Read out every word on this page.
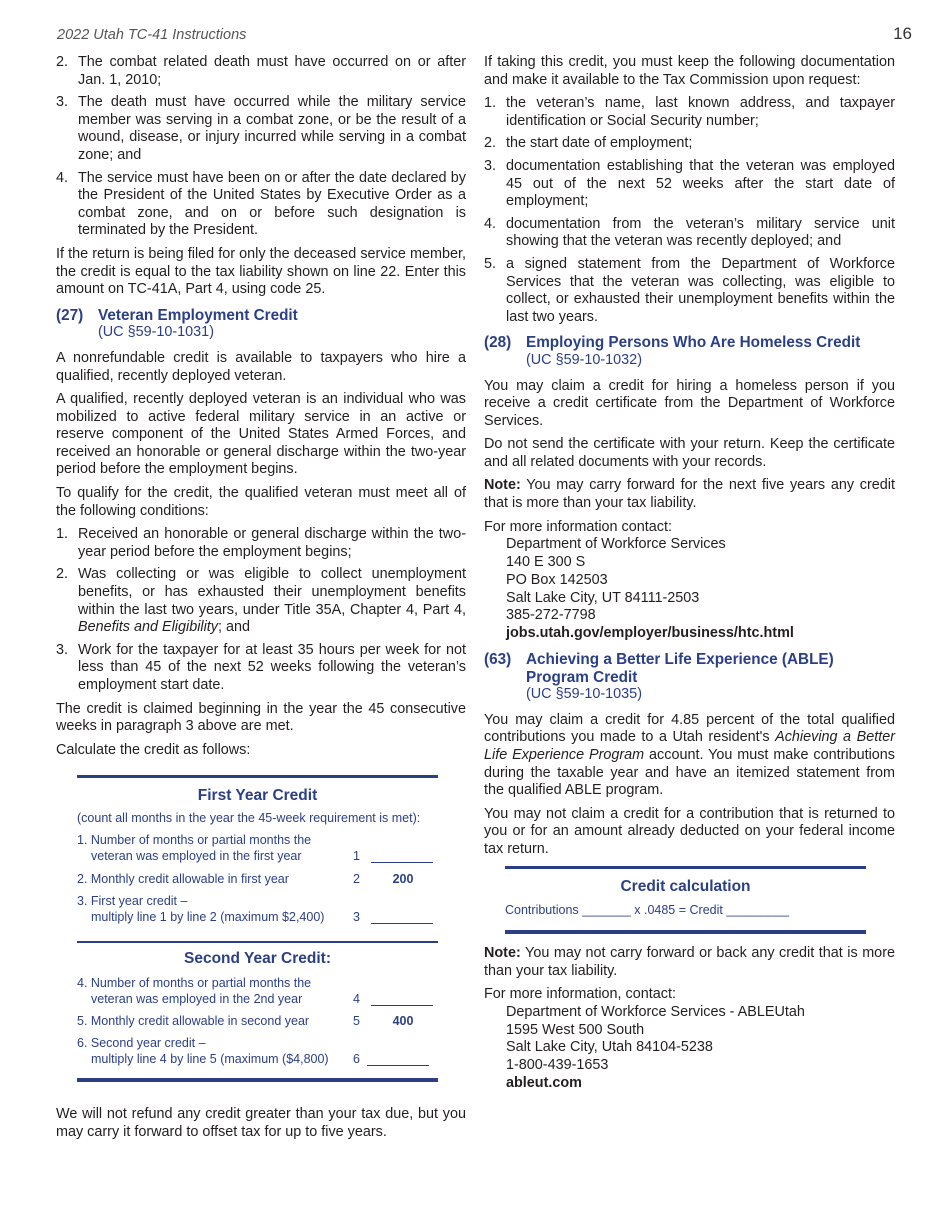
2022 Utah TC-41 Instructions	16
2. The combat related death must have occurred on or after Jan. 1, 2010;
3. The death must have occurred while the military service member was serving in a combat zone, or be the result of a wound, disease, or injury incurred while serving in a combat zone; and
4. The service must have been on or after the date declared by the President of the United States by Executive Order as a combat zone, and on or before such designation is terminated by the President.

If the return is being filed for only the deceased service member, the credit is equal to the tax liability shown on line 22. Enter this amount on TC-41A, Part 4, using code 25.

(27) Veteran Employment Credit
(UC §59-10-1031)

A nonrefundable credit is available to taxpayers who hire a qualified, recently deployed veteran.

A qualified, recently deployed veteran is an individual who was mobilized to active federal military service in an active or reserve component of the United States Armed Forces, and received an honorable or general discharge within the two-year period before the employment begins.

To qualify for the credit, the qualified veteran must meet all of the following conditions:

1. Received an honorable or general discharge within the two-year period before the employment begins;
2. Was collecting or was eligible to collect unemployment benefits, or has exhausted their unemployment benefits within the last two years, under Title 35A, Chapter 4, Part 4, Benefits and Eligibility; and
3. Work for the taxpayer for at least 35 hours per week for not less than 45 of the next 52 weeks following the veteran’s employment start date.

The credit is claimed beginning in the year the 45 consecutive weeks in paragraph 3 above are met.

Calculate the credit as follows:

First Year Credit
(count all months in the year the 45-week requirement is met):
1. Number of months or partial months the
veteran was employed in the first year	1
2. Monthly credit allowable in first year	2	200
3. First year credit –
multiply line 1 by line 2 (maximum $2,400) 3
Second Year Credit:
4. Number of months or partial months the
veteran was employed in the 2nd year	4
5. Monthly credit allowable in second year	5	400
6. Second year credit –
multiply line 4 by line 5 (maximum ($4,800) 6

We will not refund any credit greater than your tax due, but you may carry it forward to offset tax for up to five years.

If taking this credit, you must keep the following documentation and make it available to the Tax Commission upon request:

1. the veteran’s name, last known address, and taxpayer identification or Social Security number;
2. the start date of employment;
3. documentation establishing that the veteran was employed 45 out of the next 52 weeks after the start date of employment;
4. documentation from the veteran’s military service unit showing that the veteran was recently deployed; and
5. a signed statement from the Department of Workforce Services that the veteran was collecting, was eligible to collect, or exhausted their unemployment benefits within the last two years.
(28) Employing Persons Who Are Homeless Credit
(UC §59-10-1032)

You may claim a credit for hiring a homeless person if you receive a credit certificate from the Department of Workforce Services.

Do not send the certificate with your return. Keep the certificate and all related documents with your records.

Note: You may carry forward for the next five years any credit that is more than your tax liability.

For more information contact:
Department of Workforce Services
140 E 300 S
PO Box 142503
Salt Lake City, UT 84111-2503
385-272-7798
jobs.utah.gov/employer/business/htc.html
(63) Achieving a Better Life Experience (ABLE)
Program Credit
(UC §59-10-1035)

You may claim a credit for 4.85 percent of the total qualified contributions you made to a Utah resident's Achieving a Better Life Experience Program account. You must make contributions during the taxable year and have an itemized statement from the qualified ABLE program.

You may not claim a credit for a contribution that is returned to you or for an amount already deducted on your federal income tax return.

Credit calculation
Contributions _______ x .0485 = Credit _________

Note: You may not carry forward or back any credit that is more than your tax liability.

For more information, contact:
Department of Workforce Services - ABLEUtah
1595 West 500 South
Salt Lake City, Utah 84104-5238
1-800-439-1653
ableut.com
